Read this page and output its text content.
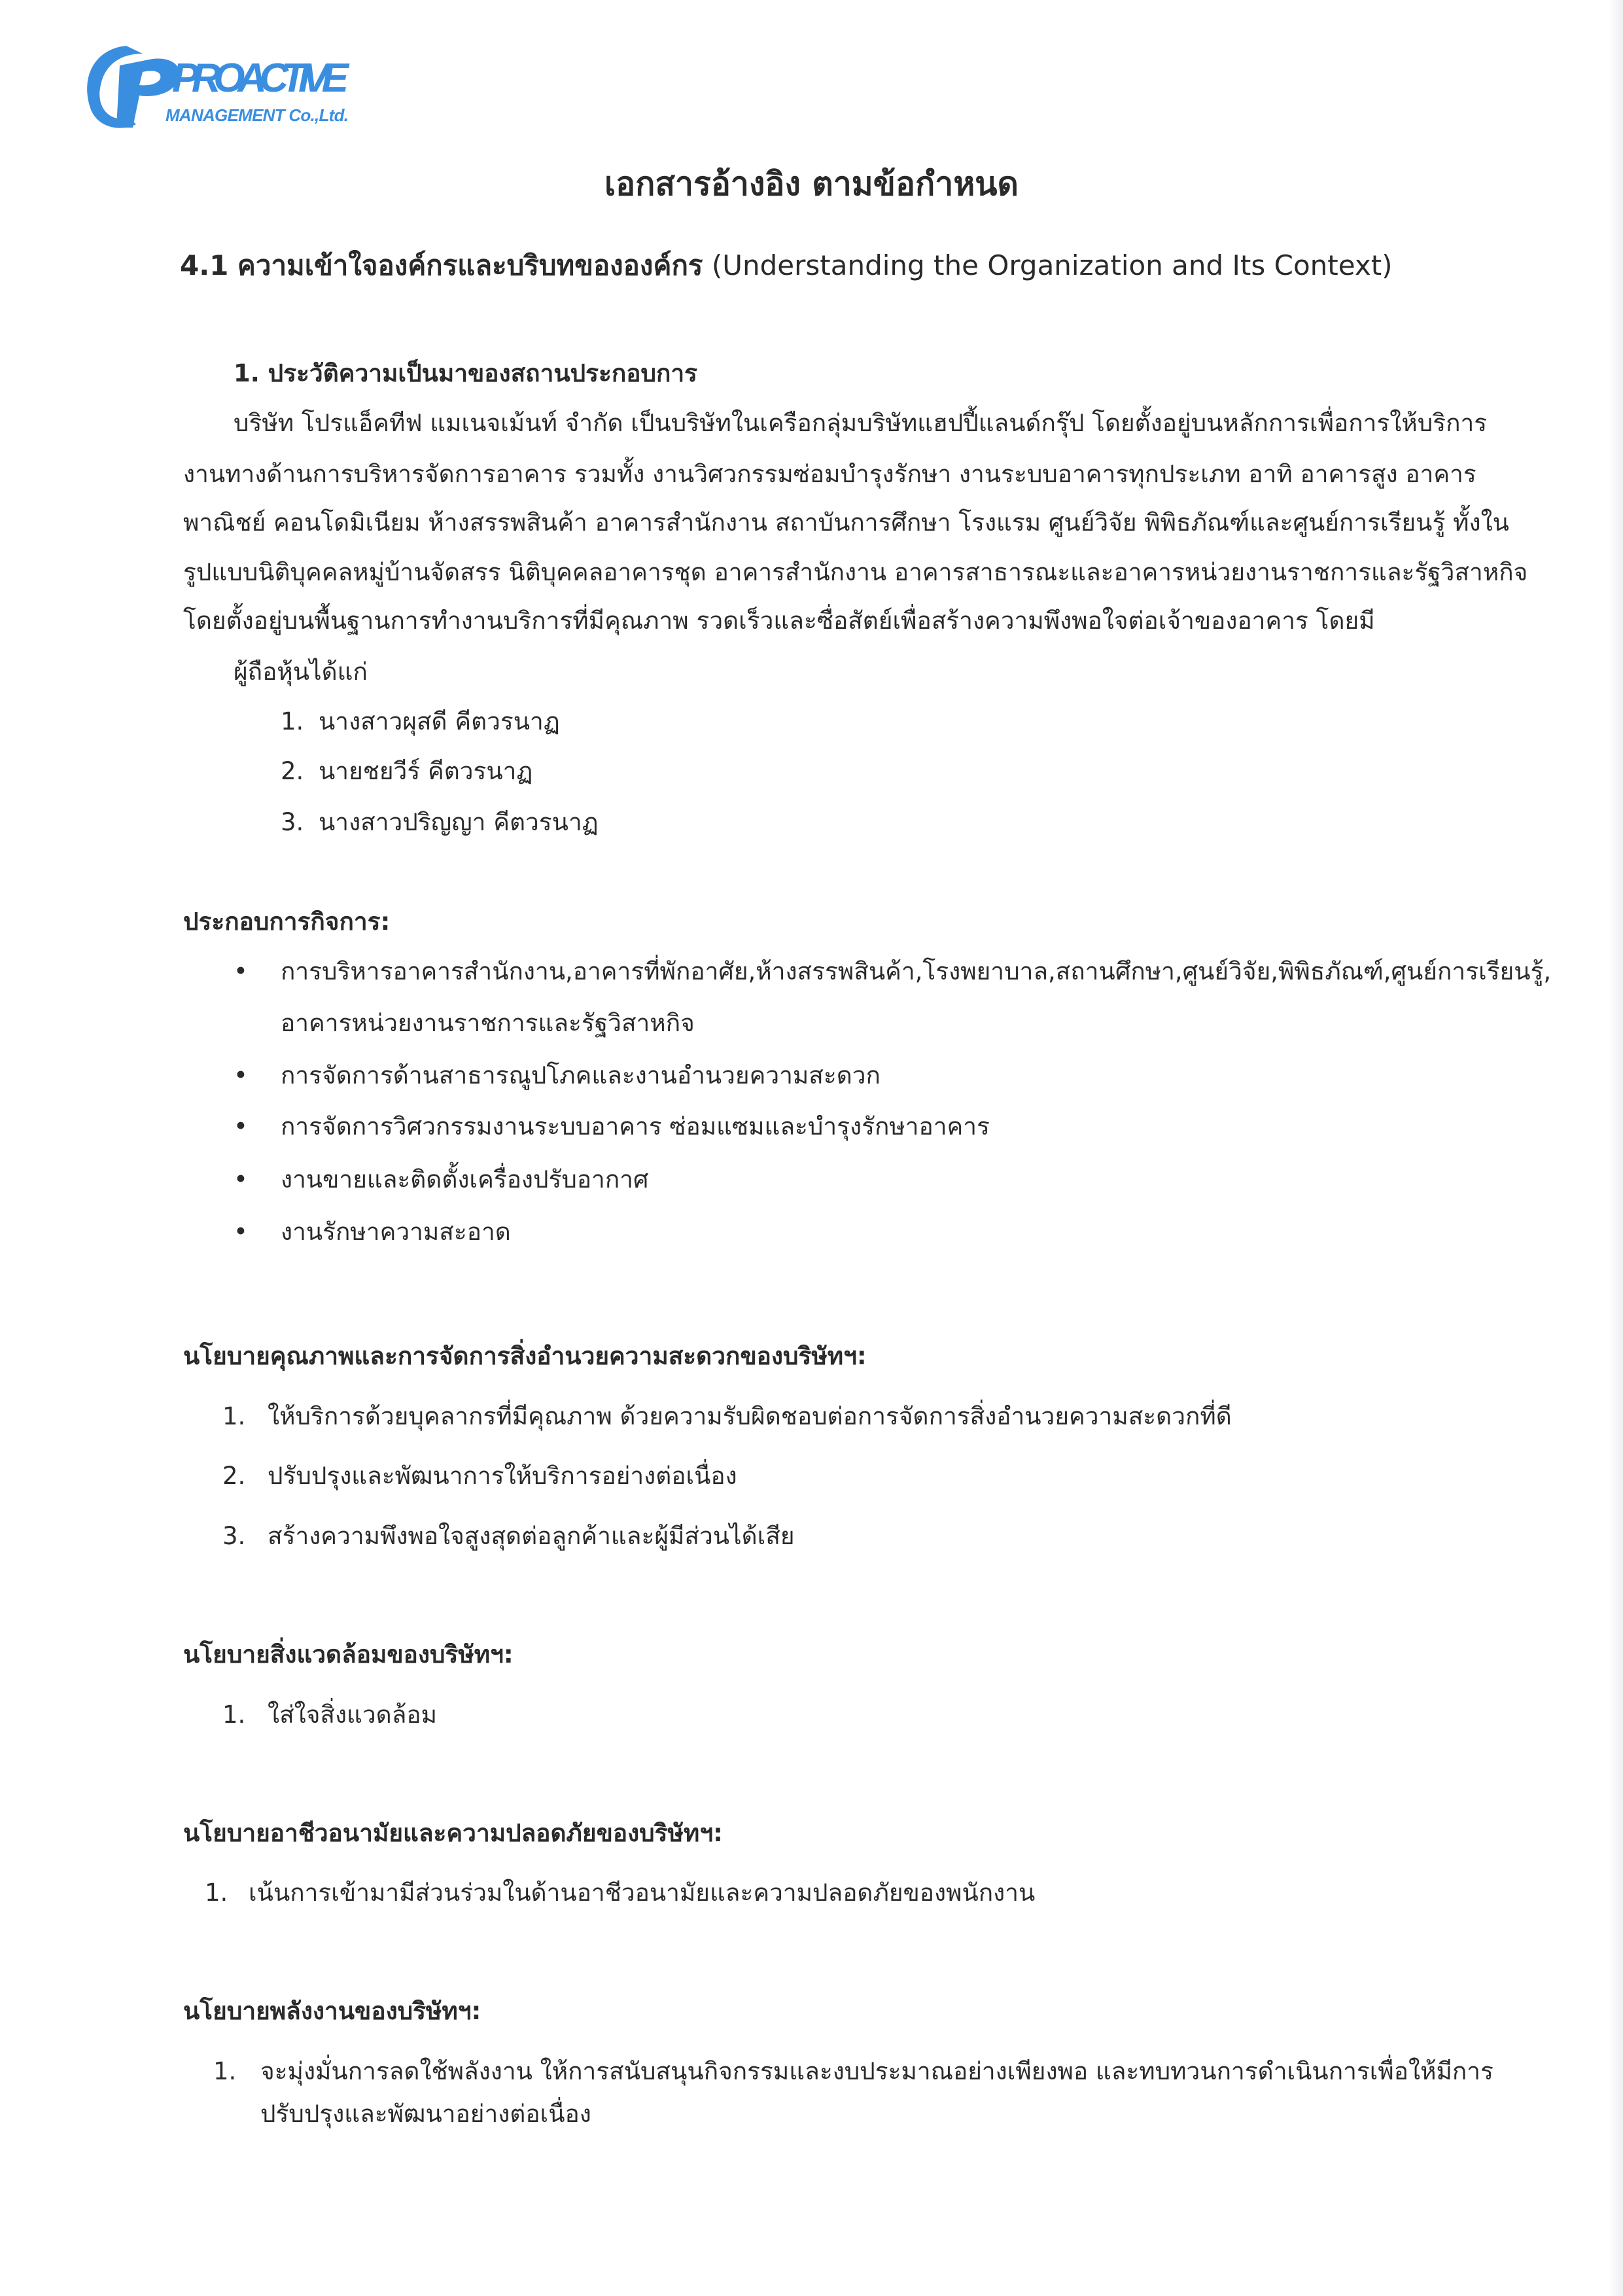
PROACTIVE
MANAGEMENT Co.,Ltd.
เอกสารอ้างอิง ตามข้อกำหนด
4.1 ความเข้าใจองค์กรและบริบทขององค์กร (Understanding the Organization and Its Context)
1. ประวัติความเป็นมาของสถานประกอบการ
บริษัท โปรแอ็คทีฟ แมเนจเม้นท์ จำกัด เป็นบริษัทในเครือกลุ่มบริษัทแฮปปี้แลนด์กรุ๊ป โดยตั้งอยู่บนหลักการเพื่อการให้บริการ
งานทางด้านการบริหารจัดการอาคาร รวมทั้ง งานวิศวกรรมซ่อมบำรุงรักษา งานระบบอาคารทุกประเภท อาทิ อาคารสูง อาคาร
พาณิชย์ คอนโดมิเนียม ห้างสรรพสินค้า อาคารสำนักงาน สถาบันการศึกษา โรงแรม ศูนย์วิจัย พิพิธภัณฑ์และศูนย์การเรียนรู้ ทั้งใน
รูปแบบนิติบุคคลหมู่บ้านจัดสรร นิติบุคคลอาคารชุด อาคารสำนักงาน อาคารสาธารณะและอาคารหน่วยงานราชการและรัฐวิสาหกิจ
โดยตั้งอยู่บนพื้นฐานการทำงานบริการที่มีคุณภาพ รวดเร็วและซื่อสัตย์เพื่อสร้างความพึงพอใจต่อเจ้าของอาคาร โดยมี
ผู้ถือหุ้นได้แก่
1. นางสาวผุสดี คีตวรนาฏ
2. นายชยวีร์ คีตวรนาฏ
3. นางสาวปริญญา คีตวรนาฏ
ประกอบการกิจการ:
• การบริหารอาคารสำนักงาน,อาคารที่พักอาศัย,ห้างสรรพสินค้า,โรงพยาบาล,สถานศึกษา,ศูนย์วิจัย,พิพิธภัณฑ์,ศูนย์การเรียนรู้,
อาคารหน่วยงานราชการและรัฐวิสาหกิจ
• การจัดการด้านสาธารณูปโภคและงานอำนวยความสะดวก
• การจัดการวิศวกรรมงานระบบอาคาร ซ่อมแซมและบำรุงรักษาอาคาร
• งานขายและติดตั้งเครื่องปรับอากาศ
• งานรักษาความสะอาด
นโยบายคุณภาพและการจัดการสิ่งอำนวยความสะดวกของบริษัทฯ:
1. ให้บริการด้วยบุคลากรที่มีคุณภาพ ด้วยความรับผิดชอบต่อการจัดการสิ่งอำนวยความสะดวกที่ดี
2. ปรับปรุงและพัฒนาการให้บริการอย่างต่อเนื่อง
3. สร้างความพึงพอใจสูงสุดต่อลูกค้าและผู้มีส่วนได้เสีย
นโยบายสิ่งแวดล้อมของบริษัทฯ:
1. ใส่ใจสิ่งแวดล้อม
นโยบายอาชีวอนามัยและความปลอดภัยของบริษัทฯ:
1. เน้นการเข้ามามีส่วนร่วมในด้านอาชีวอนามัยและความปลอดภัยของพนักงาน
นโยบายพลังงานของบริษัทฯ:
1. จะมุ่งมั่นการลดใช้พลังงาน ให้การสนับสนุนกิจกรรมและงบประมาณอย่างเพียงพอ และทบทวนการดำเนินการเพื่อให้มีการ
ปรับปรุงและพัฒนาอย่างต่อเนื่อง
